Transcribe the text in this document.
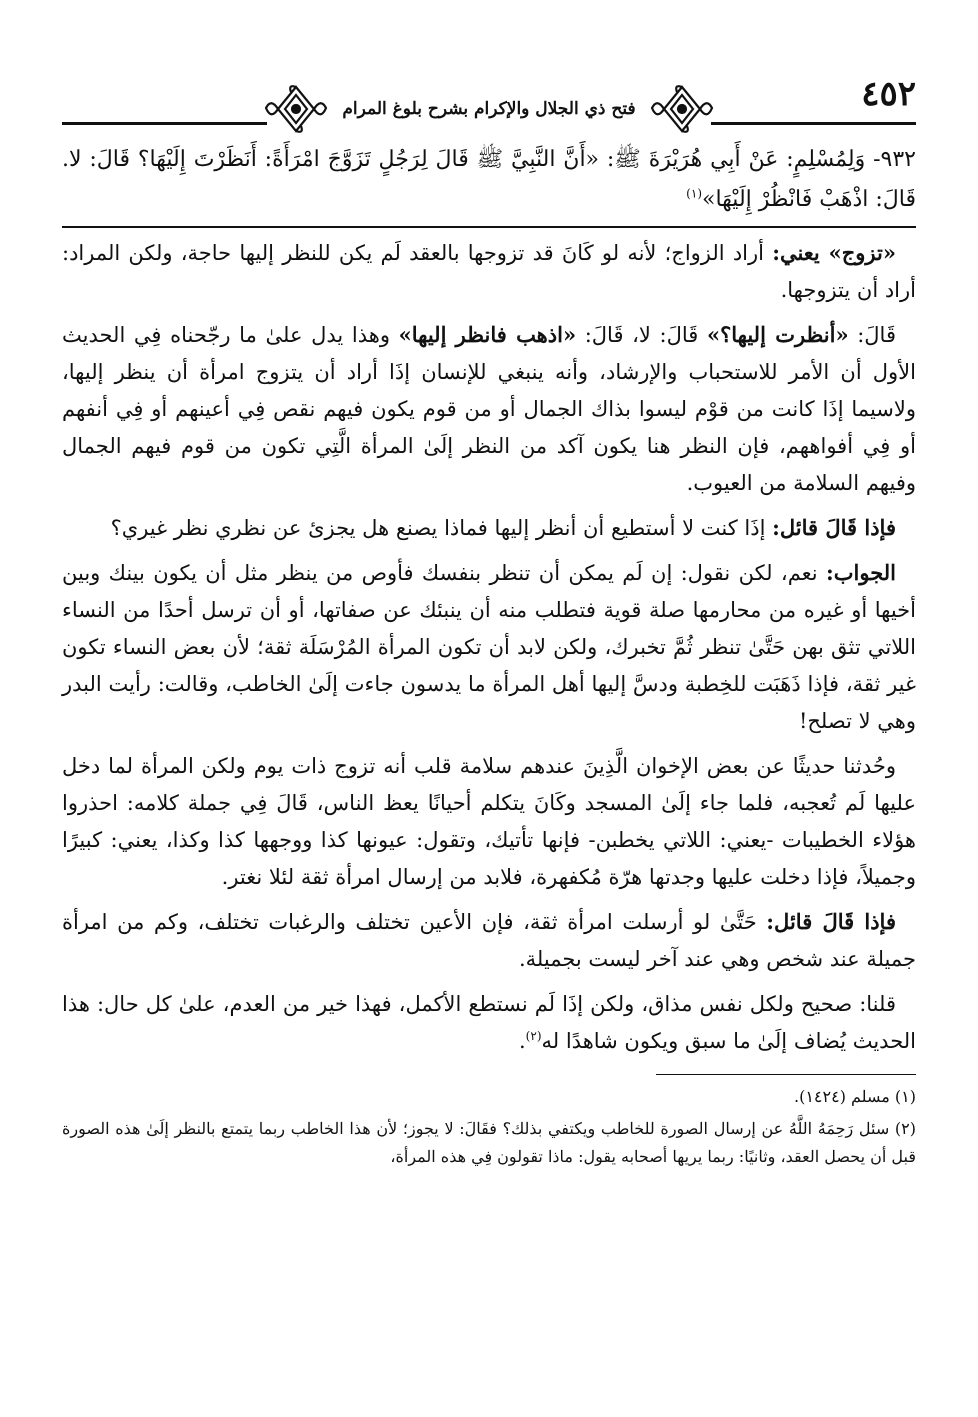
٤٥٢
فتح ذي الجلال والإكرام بشرح بلوغ المرام

٩٣٢- وَلِمُسْلِمٍ: عَنْ أَبِي هُرَيْرَةَ ﷺ: «أَنَّ النَّبِيَّ ﷺ قَالَ لِرَجُلٍ تَزَوَّجَ امْرَأَةً: أَنَظَرْتَ إِلَيْهَا؟ قَالَ: لا. قَالَ: اذْهَبْ فَانْظُرْ إِلَيْهَا»$^{(١)}$

«تزوج» يعني: أراد الزواج؛ لأنه لو كَانَ قد تزوجها بالعقد لَم يكن للنظر إليها حاجة، ولكن المراد: أراد أن يتزوجها.

قَالَ: «أنظرت إليها؟» قَالَ: لا، قَالَ: «اذهب فانظر إليها» وهذا يدل علىٰ ما رجّحناه فِي الحديث الأول أن الأمر للاستحباب والإرشاد، وأنه ينبغي للإنسان إذَا أراد أن يتزوج امرأة أن ينظر إليها، ولاسيما إذَا كانت من قوْم ليسوا بذاك الجمال أو من قوم يكون فيهم نقص فِي أعينهم أو فِي أنفهم أو فِي أفواههم، فإن النظر هنا يكون آكد من النظر إلَىٰ المرأة الَّتِي تكون من قوم فيهم الجمال وفيهم السلامة من العيوب.

فإذا قَالَ قائل: إذَا كنت لا أستطيع أن أنظر إليها فماذا يصنع هل يجزئ عن نظري نظر غيري؟

الجواب: نعم، لكن نقول: إن لَم يمكن أن تنظر بنفسك فأوص من ينظر مثل أن يكون بينك وبين أخيها أو غيره من محارمها صلة قوية فتطلب منه أن ينبئك عن صفاتها، أو أن ترسل أحدًا من النساء اللاتي تثق بهن حَتَّىٰ تنظر ثُمَّ تخبرك، ولكن لابد أن تكون المرأة المُرْسَلَة ثقة؛ لأن بعض النساء تكون غير ثقة، فإذا ذَهَبَت للخِطبة ودسَّ إليها أهل المرأة ما يدسون جاءت إلَىٰ الخاطب، وقالت: رأيت البدر وهي لا تصلح!

وحُدثنا حديثًا عن بعض الإخوان الَّذِينَ عندهم سلامة قلب أنه تزوج ذات يوم ولكن المرأة لما دخل عليها لَم تُعجبه، فلما جاء إلَىٰ المسجد وكَانَ يتكلم أحيانًا يعظ الناس، قَالَ فِي جملة كلامه: احذروا هؤلاء الخطيبات -يعني: اللاتي يخطبن- فإنها تأتيك، وتقول: عيونها كذا ووجهها كذا وكذا، يعني: كبيرًا وجميلاً، فإذا دخلت عليها وجدتها هرّة مُكفهرة، فلابد من إرسال امرأة ثقة لئلا نغتر.

فإذا قَالَ قائل: حَتَّىٰ لو أرسلت امرأة ثقة، فإن الأعين تختلف والرغبات تختلف، وكم من امرأة جميلة عند شخص وهي عند آخر ليست بجميلة.

قلنا: صحيح ولكل نفس مذاق، ولكن إذَا لَم نستطع الأكمل، فهذا خير من العدم، علىٰ كل حال: هذا الحديث يُضاف إلَىٰ ما سبق ويكون شاهدًا له$^{(٢)}$.

(١) مسلم (١٤٢٤).

(٢) سئل رَحِمَهُ اللَّهُ عن إرسال الصورة للخاطب ويكتفي بذلك؟ فقَالَ: لا يجوز؛ لأن هذا الخاطب ربما يتمتع بالنظر إلَىٰ هذه الصورة قبل أن يحصل العقد، وثانيًا: ربما يريها أصحابه يقول: ماذا تقولون فِي هذه المرأة،
